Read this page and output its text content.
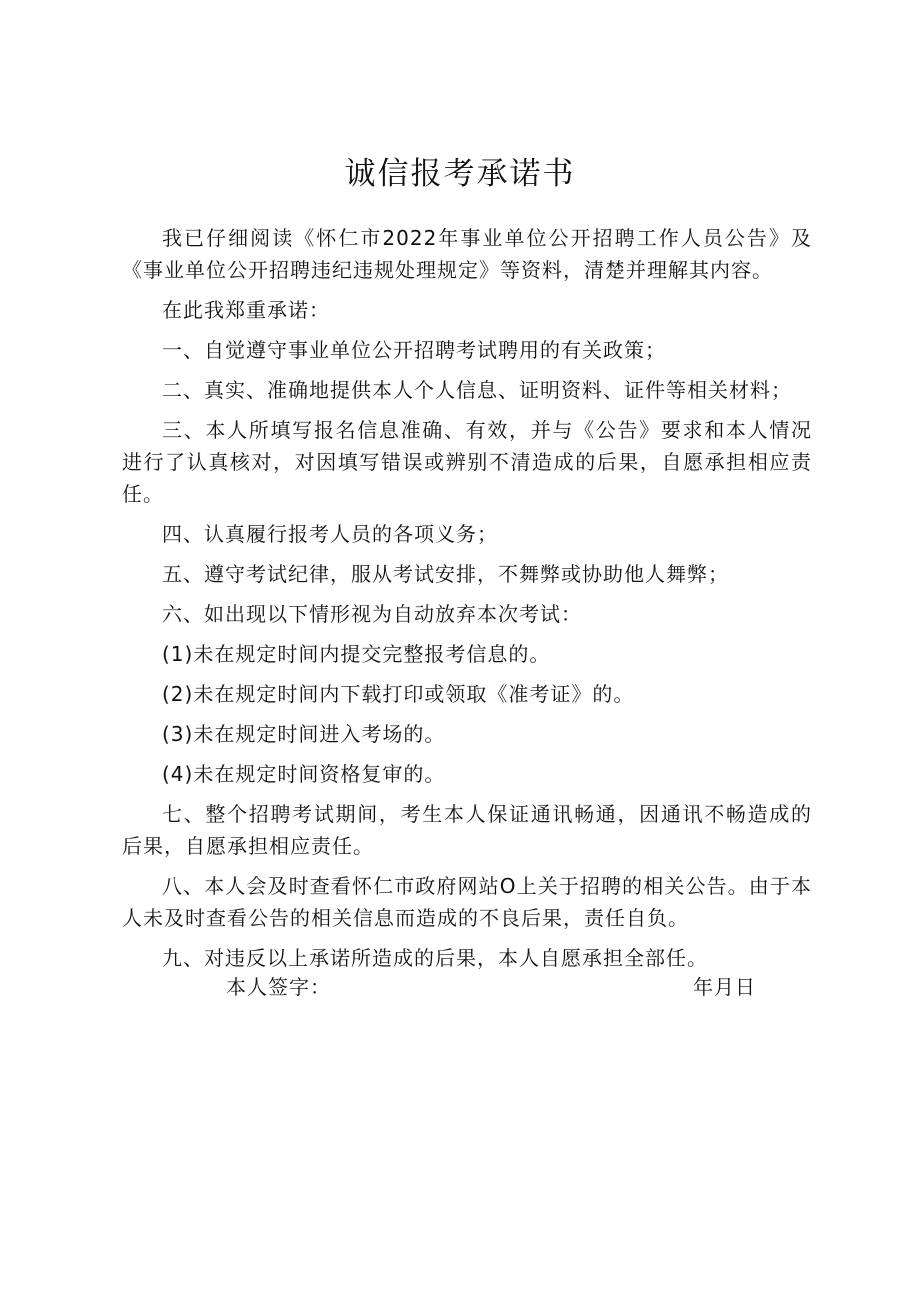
诚信报考承诺书

我已仔细阅读《怀仁市2022年事业单位公开招聘工作人员公告》及《事业单位公开招聘违纪违规处理规定》等资料，清楚并理解其内容。

在此我郑重承诺：

一、自觉遵守事业单位公开招聘考试聘用的有关政策；

二、真实、准确地提供本人个人信息、证明资料、证件等相关材料；

三、本人所填写报名信息准确、有效，并与《公告》要求和本人情况进行了认真核对，对因填写错误或辨别不清造成的后果，自愿承担相应责任。

四、认真履行报考人员的各项义务；

五、遵守考试纪律，服从考试安排，不舞弊或协助他人舞弊；

六、如出现以下情形视为自动放弃本次考试：

(1)未在规定时间内提交完整报考信息的。

(2)未在规定时间内下载打印或领取《准考证》的。

(3)未在规定时间进入考场的。

(4)未在规定时间资格复审的。

七、整个招聘考试期间，考生本人保证通讯畅通，因通讯不畅造成的后果，自愿承担相应责任。

八、本人会及时查看怀仁市政府网站O上关于招聘的相关公告。由于本人未及时查看公告的相关信息而造成的不良后果，责任自负。

九、对违反以上承诺所造成的后果，本人自愿承担全部任。

本人签字：	年月日
